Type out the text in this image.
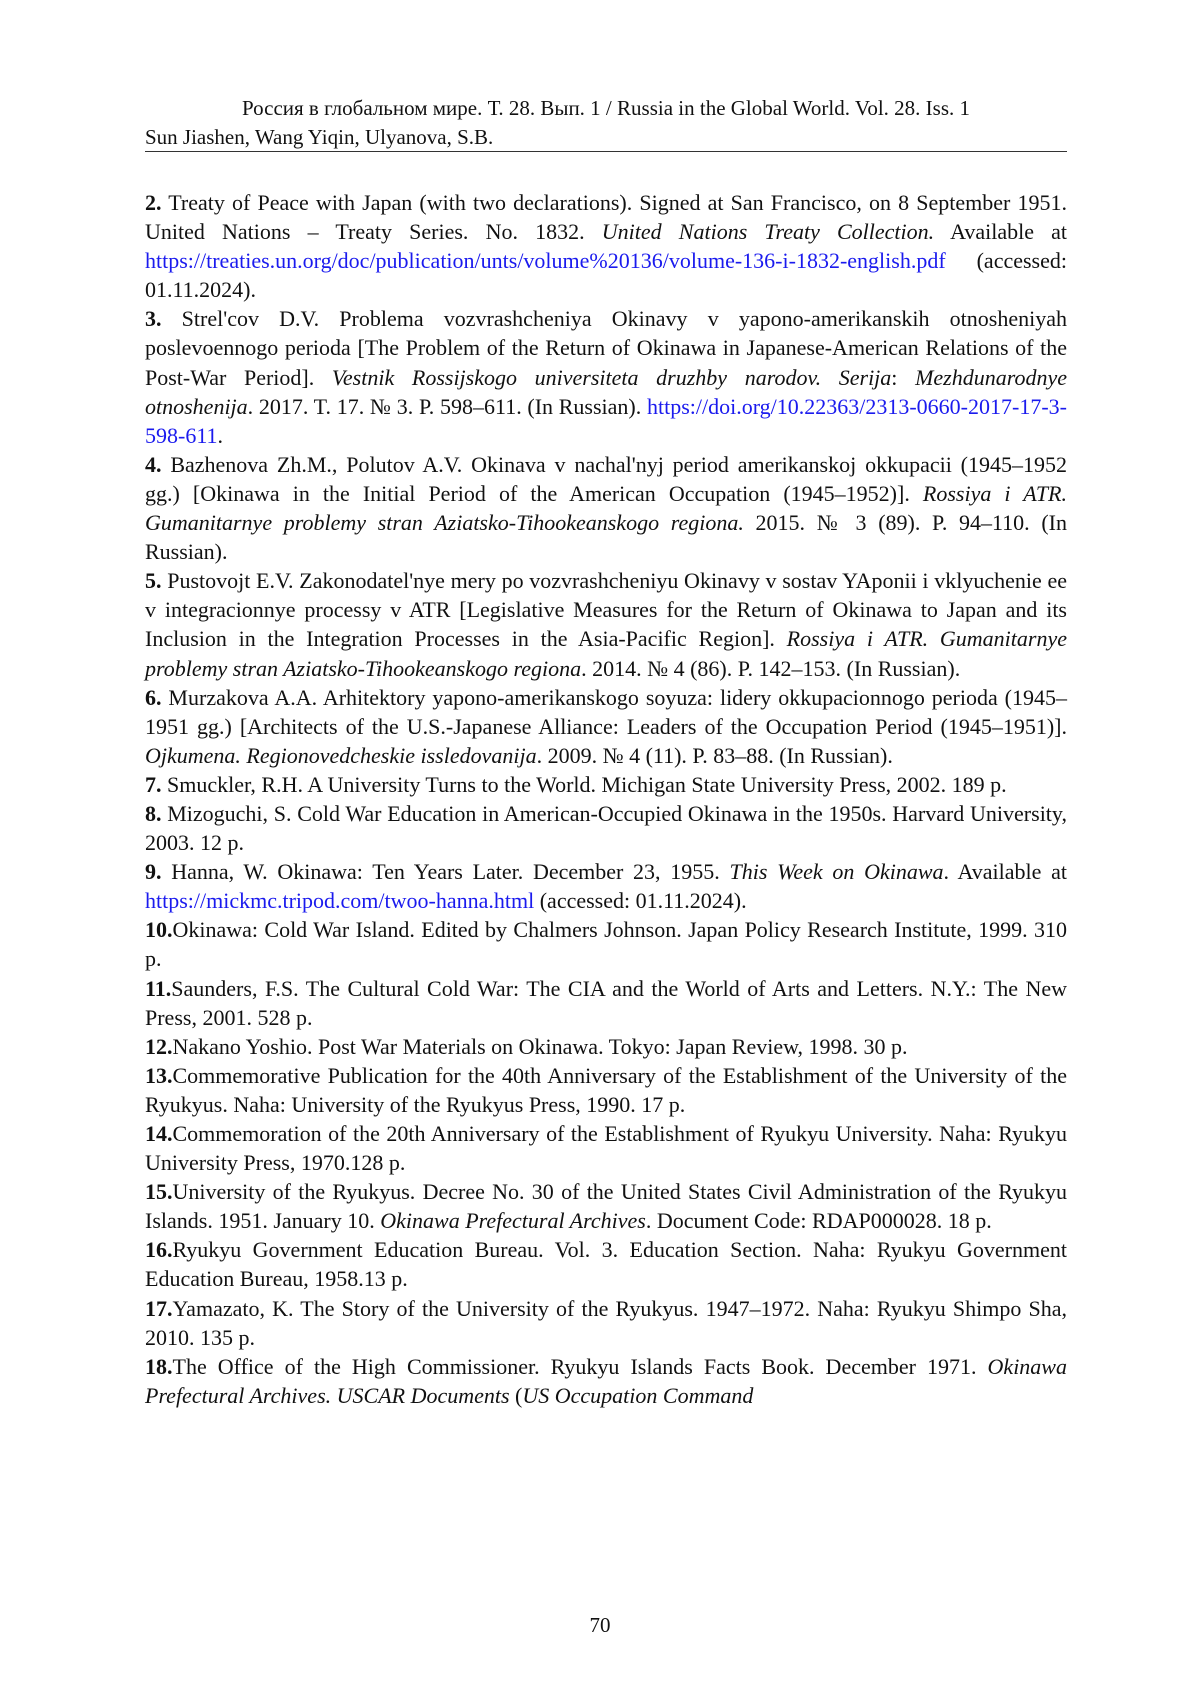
Россия в глобальном мире. Т. 28. Вып. 1 / Russia in the Global World. Vol. 28. Iss. 1
Sun Jiashen, Wang Yiqin, Ulyanova, S.B.

2. Treaty of Peace with Japan (with two declarations). Signed at San Francisco, on 8 September 1951. United Nations – Treaty Series. No. 1832. United Nations Treaty Collection. Available at https://treaties.un.org/doc/publication/unts/volume%20136/volume-136-i-1832-english.pdf (accessed: 01.11.2024).

3. Strel'cov D.V. Problema vozvrashcheniya Okinavy v yapono-amerikanskih otnosheniyah poslevoennogo perioda [The Problem of the Return of Okinawa in Japanese-American Relations of the Post-War Period]. Vestnik Rossijskogo universiteta druzhby narodov. Serija: Mezhdunarodnye otnoshenija. 2017. T. 17. № 3. P. 598–611. (In Russian). https://doi.org/10.22363/2313-0660-2017-17-3-598-611.

4. Bazhenova Zh.M., Polutov A.V. Okinava v nachal'nyj period amerikanskoj okkupacii (1945–1952 gg.) [Okinawa in the Initial Period of the American Occupation (1945–1952)]. Rossiya i ATR. Gumanitarnye problemy stran Aziatsko-Tihookeanskogo regiona. 2015. № 3 (89). P. 94–110. (In Russian).

5. Pustovojt E.V. Zakonodatel'nye mery po vozvrashcheniyu Okinavy v sostav YAponii i vklyuchenie ee v integracionnye processy v ATR [Legislative Measures for the Return of Okinawa to Japan and its Inclusion in the Integration Processes in the Asia-Pacific Region]. Rossiya i ATR. Gumanitarnye problemy stran Aziatsko-Tihookeanskogo regiona. 2014. № 4 (86). P. 142–153. (In Russian).

6. Murzakova A.A. Arhitektory yapono-amerikanskogo soyuza: lidery okkupacionnogo perioda (1945–1951 gg.) [Architects of the U.S.-Japanese Alliance: Leaders of the Occupation Period (1945–1951)]. Ojkumena. Regionovedcheskie issledovanija. 2009. № 4 (11). P. 83–88. (In Russian).

7. Smuckler, R.H. A University Turns to the World. Michigan State University Press, 2002. 189 p.

8. Mizoguchi, S. Cold War Education in American-Occupied Okinawa in the 1950s. Harvard University, 2003. 12 p.

9. Hanna, W. Okinawa: Ten Years Later. December 23, 1955. This Week on Okinawa. Available at https://mickmc.tripod.com/twoo-hanna.html (accessed: 01.11.2024).

10.Okinawa: Cold War Island. Edited by Chalmers Johnson. Japan Policy Research Institute, 1999. 310 p.

11.Saunders, F.S. The Cultural Cold War: The CIA and the World of Arts and Letters. N.Y.: The New Press, 2001. 528 p.

12.Nakano Yoshio. Post War Materials on Okinawa. Tokyo: Japan Review, 1998. 30 p.

13.Commemorative Publication for the 40th Anniversary of the Establishment of the University of the Ryukyus. Naha: University of the Ryukyus Press, 1990. 17 p.

14.Commemoration of the 20th Anniversary of the Establishment of Ryukyu University. Naha: Ryukyu University Press, 1970.128 p.

15.University of the Ryukyus. Decree No. 30 of the United States Civil Administration of the Ryukyu Islands. 1951. January 10. Okinawa Prefectural Archives. Document Code: RDAP000028. 18 p.

16.Ryukyu Government Education Bureau. Vol. 3. Education Section. Naha: Ryukyu Government Education Bureau, 1958.13 p.

17.Yamazato, K. The Story of the University of the Ryukyus. 1947–1972. Naha: Ryukyu Shimpo Sha, 2010. 135 p.

18.The Office of the High Commissioner. Ryukyu Islands Facts Book. December 1971. Okinawa Prefectural Archives. USCAR Documents (US Occupation Command

70
